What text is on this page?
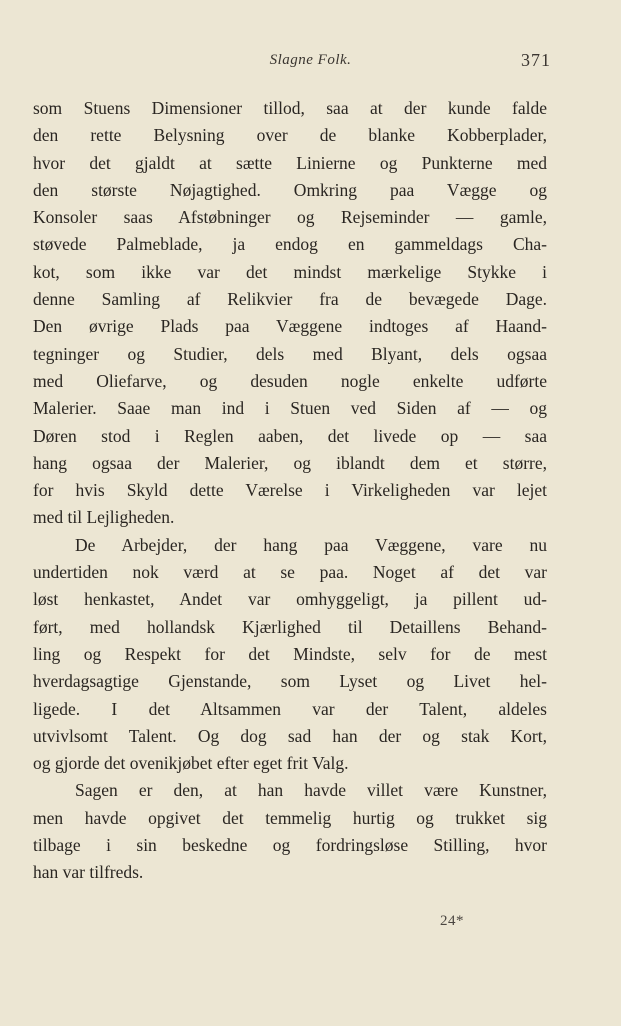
Slagne Folk.	371
som Stuens Dimensioner tillod, saa at der kunde falde
den rette Belysning over de blanke Kobberplader,
hvor det gjaldt at sætte Linierne og Punkterne med
den største Nøjagtighed. Omkring paa Vægge og
Konsoler saas Afstøbninger og Rejseminder — gamle,
støvede Palmeblade, ja endog en gammeldags Cha-
kot, som ikke var det mindst mærkelige Stykke i
denne Samling af Relikvier fra de bevægede Dage.
Den øvrige Plads paa Væggene indtoges af Haand-
tegninger og Studier, dels med Blyant, dels ogsaa
med Oliefarve, og desuden nogle enkelte udførte
Malerier. Saae man ind i Stuen ved Siden af — og
Døren stod i Reglen aaben, det livede op — saa
hang ogsaa der Malerier, og iblandt dem et større,
for hvis Skyld dette Værelse i Virkeligheden var lejet
med til Lejligheden.
De Arbejder, der hang paa Væggene, vare nu
undertiden nok værd at se paa. Noget af det var
løst henkastet, Andet var omhyggeligt, ja pillent ud-
ført, med hollandsk Kjærlighed til Detaillens Behand-
ling og Respekt for det Mindste, selv for de mest
hverdagsagtige Gjenstande, som Lyset og Livet hel-
ligede. I det Altsammen var der Talent, aldeles
utvivlsomt Talent. Og dog sad han der og stak Kort,
og gjorde det ovenikjøbet efter eget frit Valg.
Sagen er den, at han havde villet være Kunstner,
men havde opgivet det temmelig hurtig og trukket sig
tilbage i sin beskedne og fordringsløse Stilling, hvor
han var tilfreds.
24*
